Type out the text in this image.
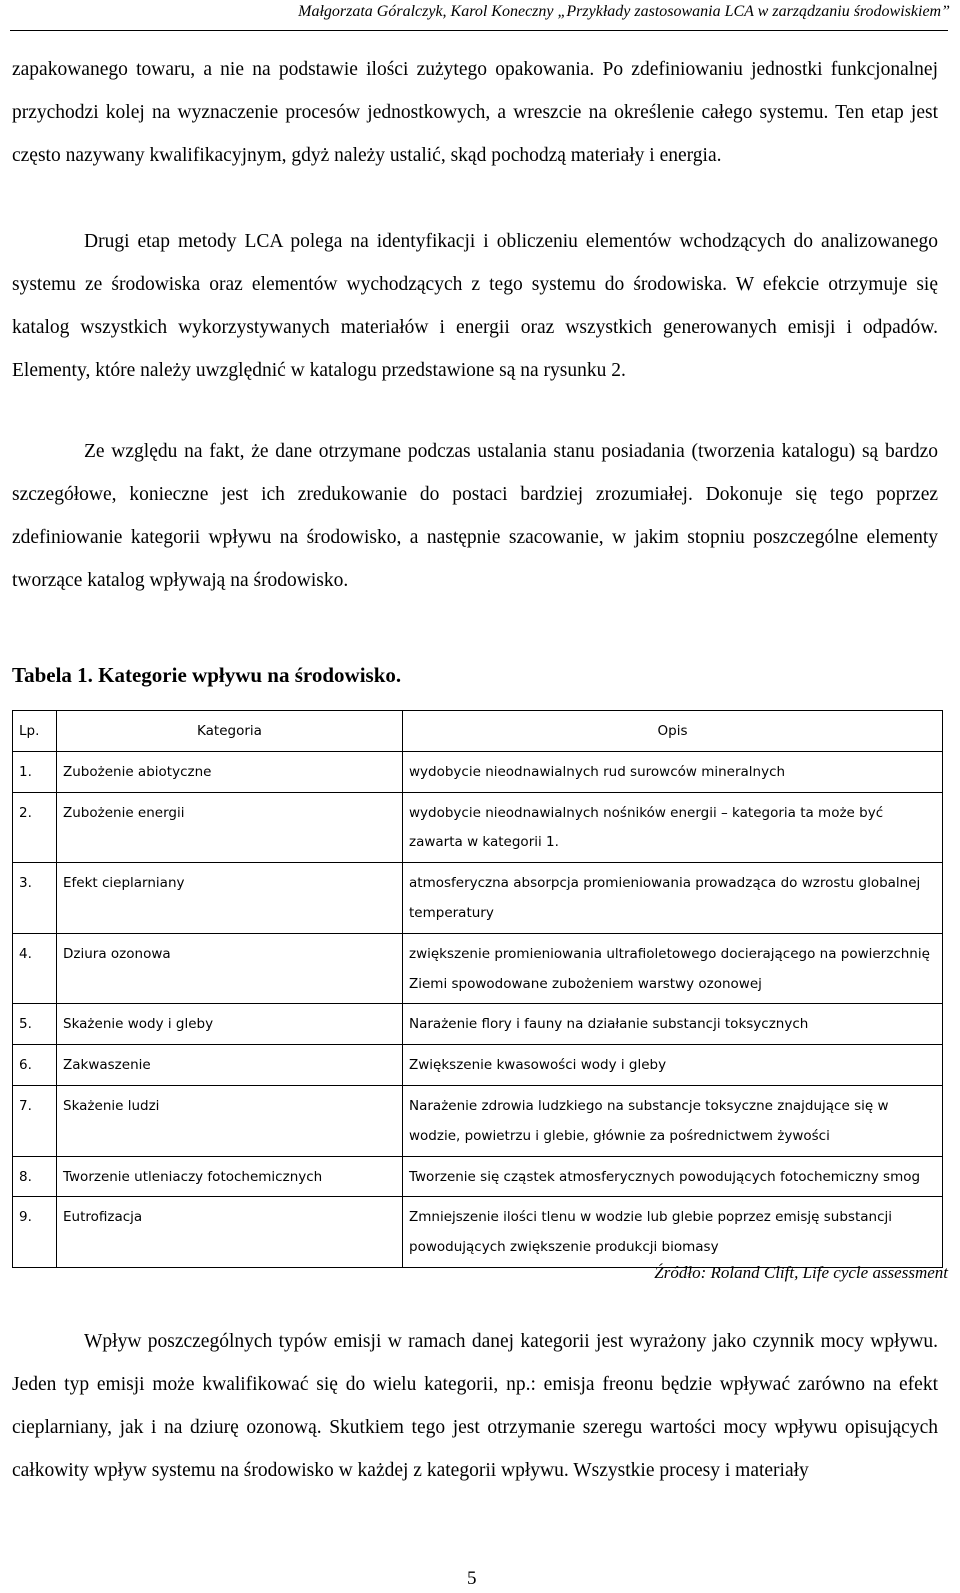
Małgorzata Góralczyk, Karol Koneczny „Przykłady zastosowania LCA w zarządzaniu środowiskiem”

zapakowanego towaru, a nie na podstawie ilości zużytego opakowania. Po zdefiniowaniu jednostki funkcjonalnej przychodzi kolej na wyznaczenie procesów jednostkowych, a wreszcie na określenie całego systemu. Ten etap jest często nazywany kwalifikacyjnym, gdyż należy ustalić, skąd pochodzą materiały i energia.

Drugi etap metody LCA polega na identyfikacji i obliczeniu elementów wchodzących do analizowanego systemu ze środowiska oraz elementów wychodzących z tego systemu do środowiska. W efekcie otrzymuje się katalog wszystkich wykorzystywanych materiałów i energii oraz wszystkich generowanych emisji i odpadów. Elementy, które należy uwzględnić w katalogu przedstawione są na rysunku 2.

Ze względu na fakt, że dane otrzymane podczas ustalania stanu posiadania (tworzenia katalogu) są bardzo szczegółowe, konieczne jest ich zredukowanie do postaci bardziej zrozumiałej. Dokonuje się tego poprzez zdefiniowanie kategorii wpływu na środowisko, a następnie szacowanie, w jakim stopniu poszczególne elementy tworzące katalog wpływają na środowisko.

Tabela 1. Kategorie wpływu na środowisko.

Lp.	Kategoria	Opis
1.	Zubożenie abiotyczne	wydobycie nieodnawialnych rud surowców mineralnych
2.	Zubożenie energii	wydobycie nieodnawialnych nośników energii – kategoria ta może być zawarta w kategorii 1.
3.	Efekt cieplarniany	atmosferyczna absorpcja promieniowania prowadząca do wzrostu globalnej temperatury
4.	Dziura ozonowa	zwiększenie promieniowania ultrafioletowego docierającego na powierzchnię Ziemi spowodowane zubożeniem warstwy ozonowej
5.	Skażenie wody i gleby	Narażenie flory i fauny na działanie substancji toksycznych
6.	Zakwaszenie	Zwiększenie kwasowości wody i gleby
7.	Skażenie ludzi	Narażenie zdrowia ludzkiego na substancje toksyczne znajdujące się w wodzie, powietrzu i glebie, głównie za pośrednictwem żywości
8.	Tworzenie utleniaczy fotochemicznych	Tworzenie się cząstek atmosferycznych powodujących fotochemiczny smog
9.	Eutrofizacja	Zmniejszenie ilości tlenu w wodzie lub glebie poprzez emisję substancji powodujących zwiększenie produkcji biomasy
Źródło: Roland Clift, Life cycle assessment

Wpływ poszczególnych typów emisji w ramach danej kategorii jest wyrażony jako czynnik mocy wpływu. Jeden typ emisji może kwalifikować się do wielu kategorii, np.: emisja freonu będzie wpływać zarówno na efekt cieplarniany, jak i na dziurę ozonową. Skutkiem tego jest otrzymanie szeregu wartości mocy wpływu opisujących całkowity wpływ systemu na środowisko w każdej z kategorii wpływu. Wszystkie procesy i materiały

5
